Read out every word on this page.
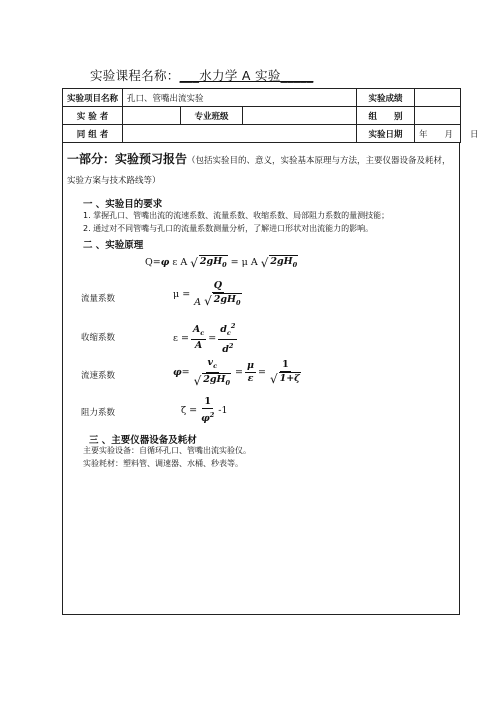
实验课程名称：___水力学 A 实验_____
实验项目名称	孔口、管嘴出流实验			实验成绩	
实 验 者		专业班级		组　　别	
同 组 者				实验日期	年　　月　　日
一部分：实验预习报告（包括实验目的、意义，实验基本原理与方法，主要仪器设备及耗材，实验方案与技术路线等）
一 、实验目的要求
1. 掌握孔口、管嘴出流的流速系数、流量系数、收缩系数、局部阻力系数的量测技能；
2. 通过对不同管嘴与孔口的流量系数测量分析，了解进口形状对出流能力的影响。
二 、实验原理
Q= φ ε A √ $2gH_0 = \mu$ A √ $2gH_0$
流量系数	$\mu = \frac{Q}{A √ 2gH_0}$
收缩系数	$\varepsilon = \frac{A_c}{A} = \frac{d_c^2}{d^2}$
流速系数	$\varphi = \frac{v_c}{√ 2gH_0} = \frac{\mu}{\varepsilon} = \frac{1}{√ 1+\zeta}$
阻力系数	$\zeta = \frac{1}{\varphi^2} -1$
三 、主要仪器设备及耗材
主要实验设备：自循环孔口、管嘴出流实验仪。
实验耗材：塑料管、调速器、水桶、秒表等。
